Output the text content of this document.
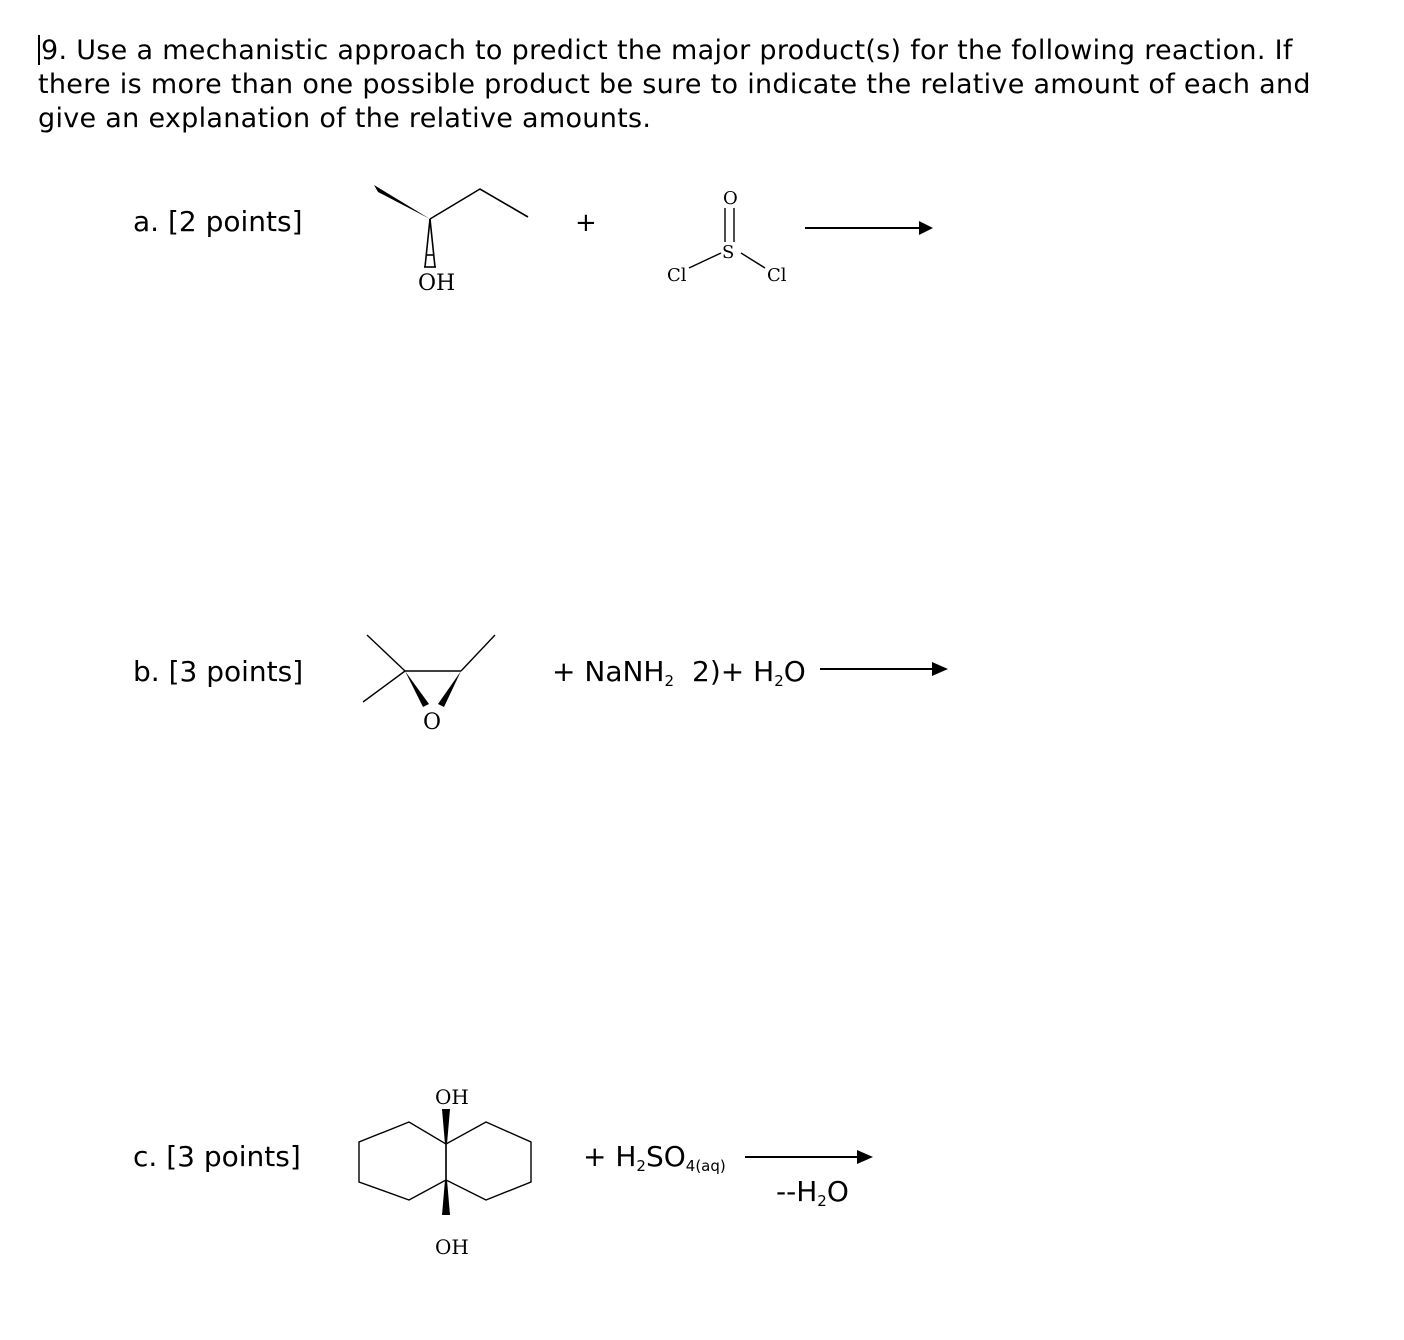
9. Use a mechanistic approach to predict the major product(s) for the following reaction. If
there is more than one possible product be sure to indicate the relative amount of each and
give an explanation of the relative amounts.
a. [2 points]
OH
+
O
S
Cl	Cl
b. [3 points]
O
+ NaNH$_2$ $2)+ H_2O$
c. [3 points]
OH
OH
+ $H_2SO_{4(aq)}$
$--H_2O$
